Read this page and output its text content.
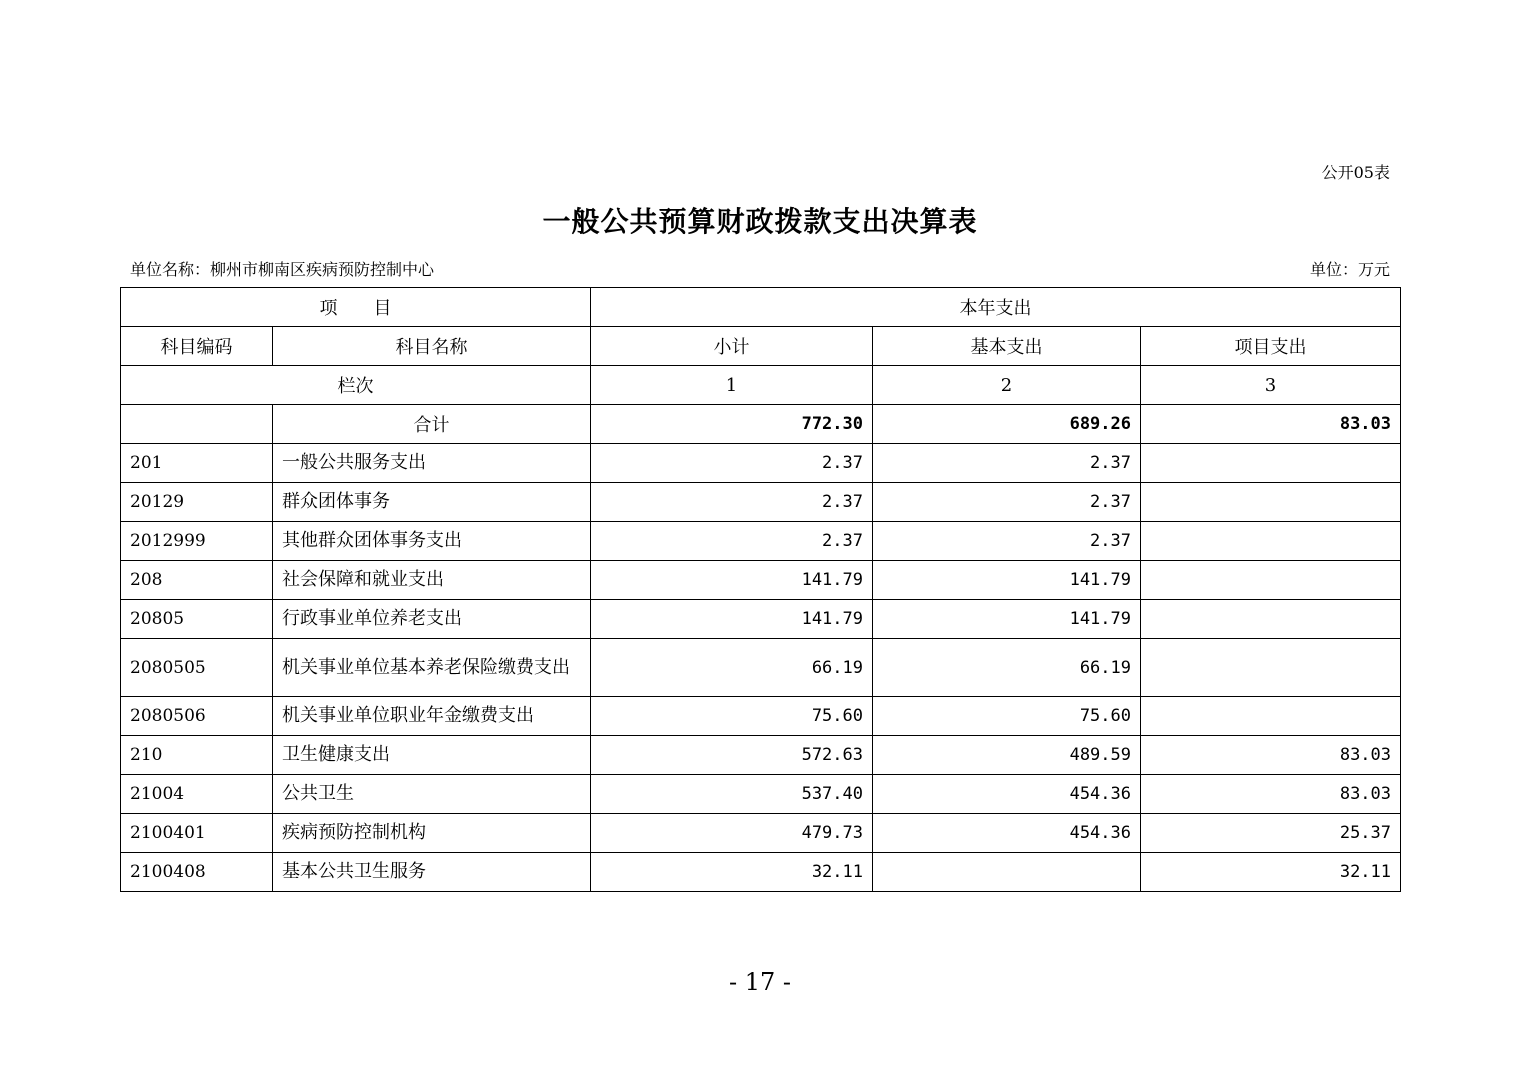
公开05表
一般公共预算财政拨款支出决算表
单位名称：柳州市柳南区疾病预防控制中心	单位：万元
项　　目		本年支出		
科目编码	科目名称	小计	基本支出	项目支出
栏次		1	2	3
	合计	772.30	689.26	83.03
201	一般公共服务支出	2.37	2.37	
20129	群众团体事务	2.37	2.37	
2012999	其他群众团体事务支出	2.37	2.37	
208	社会保障和就业支出	141.79	141.79	
20805	行政事业单位养老支出	141.79	141.79	
2080505	机关事业单位基本养老保险缴费支出	66.19	66.19	
2080506	机关事业单位职业年金缴费支出	75.60	75.60	
210	卫生健康支出	572.63	489.59	83.03
21004	公共卫生	537.40	454.36	83.03
2100401	疾病预防控制机构	479.73	454.36	25.37
2100408	基本公共卫生服务	32.11		32.11
- 17 -
